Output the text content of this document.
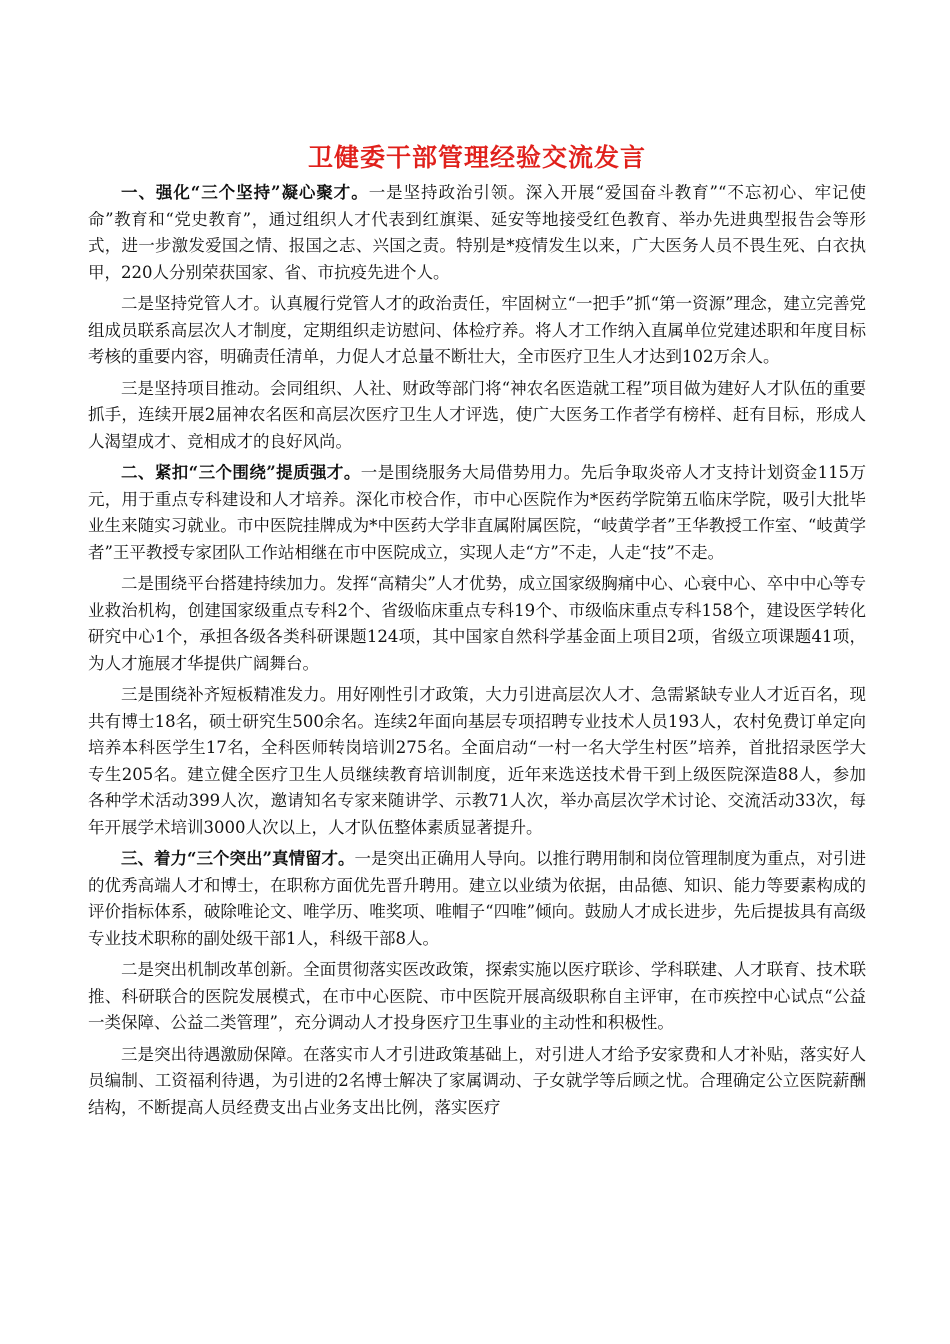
卫健委干部管理经验交流发言

一、强化“三个坚持”凝心聚才。一是坚持政治引领。深入开展“爱国奋斗教育”“不忘初心、牢记使命”教育和“党史教育”，通过组织人才代表到红旗渠、延安等地接受红色教育、举办先进典型报告会等形式，进一步激发爱国之情、报国之志、兴国之责。特别是*疫情发生以来，广大医务人员不畏生死、白衣执甲，220人分别荣获国家、省、市抗疫先进个人。

二是坚持党管人才。认真履行党管人才的政治责任，牢固树立“一把手”抓“第一资源”理念，建立完善党组成员联系高层次人才制度，定期组织走访慰问、体检疗养。将人才工作纳入直属单位党建述职和年度目标考核的重要内容，明确责任清单，力促人才总量不断壮大，全市医疗卫生人才达到102万余人。

三是坚持项目推动。会同组织、人社、财政等部门将“神农名医造就工程”项目做为建好人才队伍的重要抓手，连续开展2届神农名医和高层次医疗卫生人才评选，使广大医务工作者学有榜样、赶有目标，形成人人渴望成才、竞相成才的良好风尚。

二、紧扣“三个围绕”提质强才。一是围绕服务大局借势用力。先后争取炎帝人才支持计划资金115万元，用于重点专科建设和人才培养。深化市校合作，市中心医院作为*医药学院第五临床学院，吸引大批毕业生来随实习就业。市中医院挂牌成为*中医药大学非直属附属医院，“岐黄学者”王华教授工作室、“岐黄学者”王平教授专家团队工作站相继在市中医院成立，实现人走“方”不走，人走“技”不走。

二是围绕平台搭建持续加力。发挥“高精尖”人才优势，成立国家级胸痛中心、心衰中心、卒中中心等专业救治机构，创建国家级重点专科2个、省级临床重点专科19个、市级临床重点专科158个，建设医学转化研究中心1个，承担各级各类科研课题124项，其中国家自然科学基金面上项目2项，省级立项课题41项，为人才施展才华提供广阔舞台。

三是围绕补齐短板精准发力。用好刚性引才政策，大力引进高层次人才、急需紧缺专业人才近百名，现共有博士18名，硕士研究生500余名。连续2年面向基层专项招聘专业技术人员193人，农村免费订单定向培养本科医学生17名，全科医师转岗培训275名。全面启动“一村一名大学生村医”培养，首批招录医学大专生205名。建立健全医疗卫生人员继续教育培训制度，近年来选送技术骨干到上级医院深造88人，参加各种学术活动399人次，邀请知名专家来随讲学、示教71人次，举办高层次学术讨论、交流活动33次，每年开展学术培训3000人次以上，人才队伍整体素质显著提升。

三、着力“三个突出”真情留才。一是突出正确用人导向。以推行聘用制和岗位管理制度为重点，对引进的优秀高端人才和博士，在职称方面优先晋升聘用。建立以业绩为依据，由品德、知识、能力等要素构成的评价指标体系，破除唯论文、唯学历、唯奖项、唯帽子“四唯”倾向。鼓励人才成长进步，先后提拔具有高级专业技术职称的副处级干部1人，科级干部8人。

二是突出机制改革创新。全面贯彻落实医改政策，探索实施以医疗联诊、学科联建、人才联育、技术联推、科研联合的医院发展模式，在市中心医院、市中医院开展高级职称自主评审，在市疾控中心试点“公益一类保障、公益二类管理”，充分调动人才投身医疗卫生事业的主动性和积极性。

三是突出待遇激励保障。在落实市人才引进政策基础上，对引进人才给予安家费和人才补贴，落实好人员编制、工资福利待遇，为引进的2名博士解决了家属调动、子女就学等后顾之忧。合理确定公立医院薪酬结构，不断提高人员经费支出占业务支出比例，落实医疗
